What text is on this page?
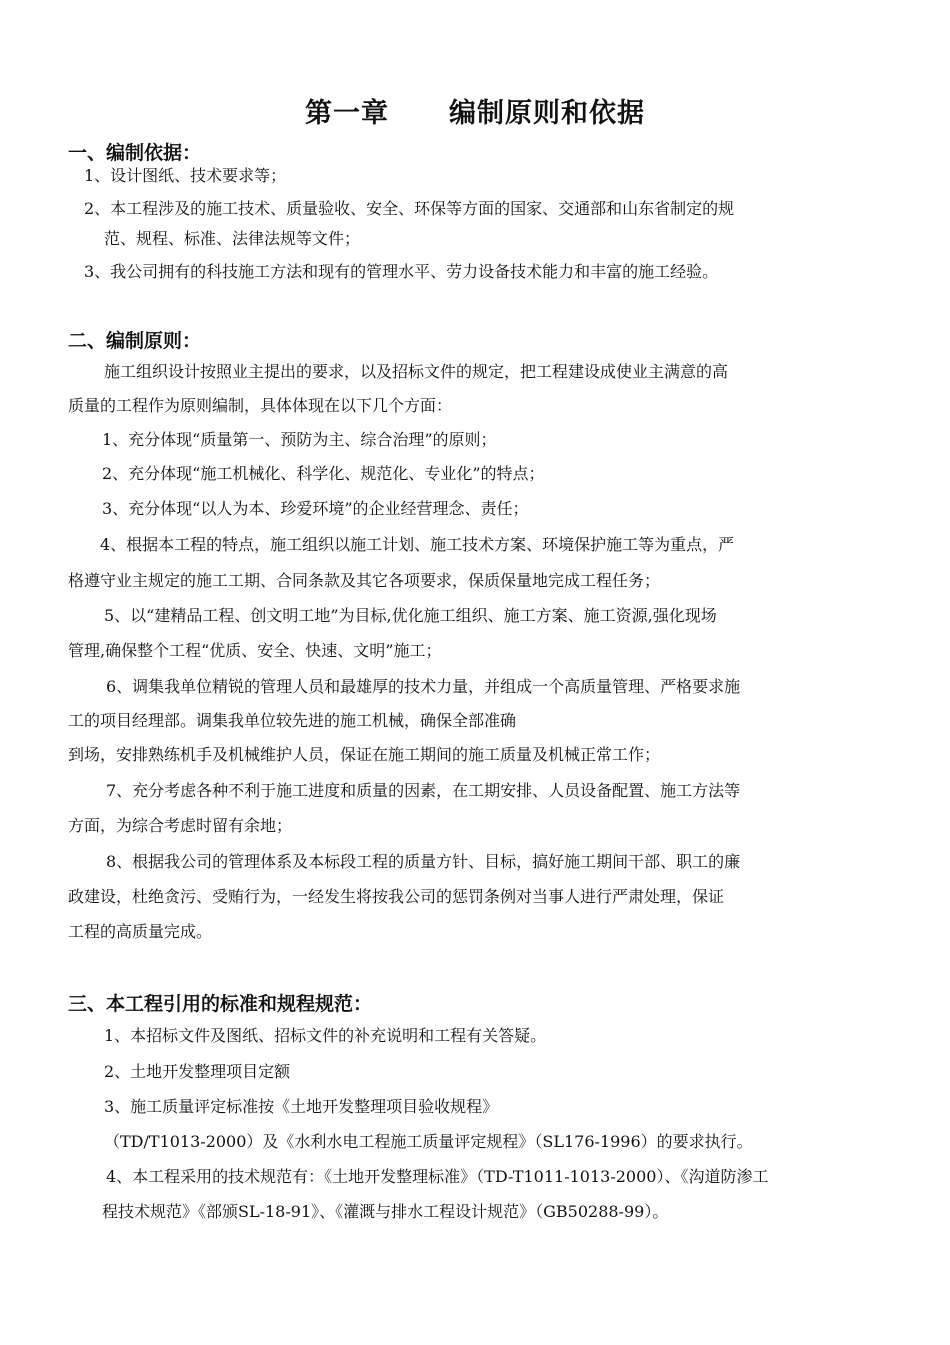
第一章 编制原则和依据
一、编制依据：
1、设计图纸、技术要求等；
2、本工程涉及的施工技术、质量验收、安全、环保等方面的国家、交通部和山东省制定的规
范、规程、标准、法律法规等文件；
3、我公司拥有的科技施工方法和现有的管理水平、劳力设备技术能力和丰富的施工经验。
二、编制原则：
施工组织设计按照业主提出的要求，以及招标文件的规定，把工程建设成使业主满意的高
质量的工程作为原则编制，具体体现在以下几个方面：
1、充分体现“质量第一、预防为主、综合治理”的原则；
2、充分体现“施工机械化、科学化、规范化、专业化”的特点；
3、充分体现“以人为本、珍爱环境”的企业经营理念、责任；
4、根据本工程的特点，施工组织以施工计划、施工技术方案、环境保护施工等为重点，严
格遵守业主规定的施工工期、合同条款及其它各项要求，保质保量地完成工程任务；
5、以“建精品工程、创文明工地”为目标,优化施工组织、施工方案、施工资源,强化现场
管理,确保整个工程“优质、安全、快速、文明”施工；
6、调集我单位精锐的管理人员和最雄厚的技术力量，并组成一个高质量管理、严格要求施
工的项目经理部。调集我单位较先进的施工机械，确保全部准确
到场，安排熟练机手及机械维护人员，保证在施工期间的施工质量及机械正常工作；
7、充分考虑各种不利于施工进度和质量的因素，在工期安排、人员设备配置、施工方法等
方面，为综合考虑时留有余地；
8、根据我公司的管理体系及本标段工程的质量方针、目标，搞好施工期间干部、职工的廉
政建设，杜绝贪污、受贿行为，一经发生将按我公司的惩罚条例对当事人进行严肃处理，保证
工程的高质量完成。
三、本工程引用的标准和规程规范：
1、本招标文件及图纸、招标文件的补充说明和工程有关答疑。
2、土地开发整理项目定额
3、施工质量评定标准按《土地开发整理项目验收规程》
（TD/T1013-2000）及《水利水电工程施工质量评定规程》（SL176-1996）的要求执行。
4、本工程采用的技术规范有：《土地开发整理标准》（TD-T1011-1013-2000）、《沟道防渗工
程技术规范》《部颁SL-18-91》、《灌溉与排水工程设计规范》（GB50288-99）。
